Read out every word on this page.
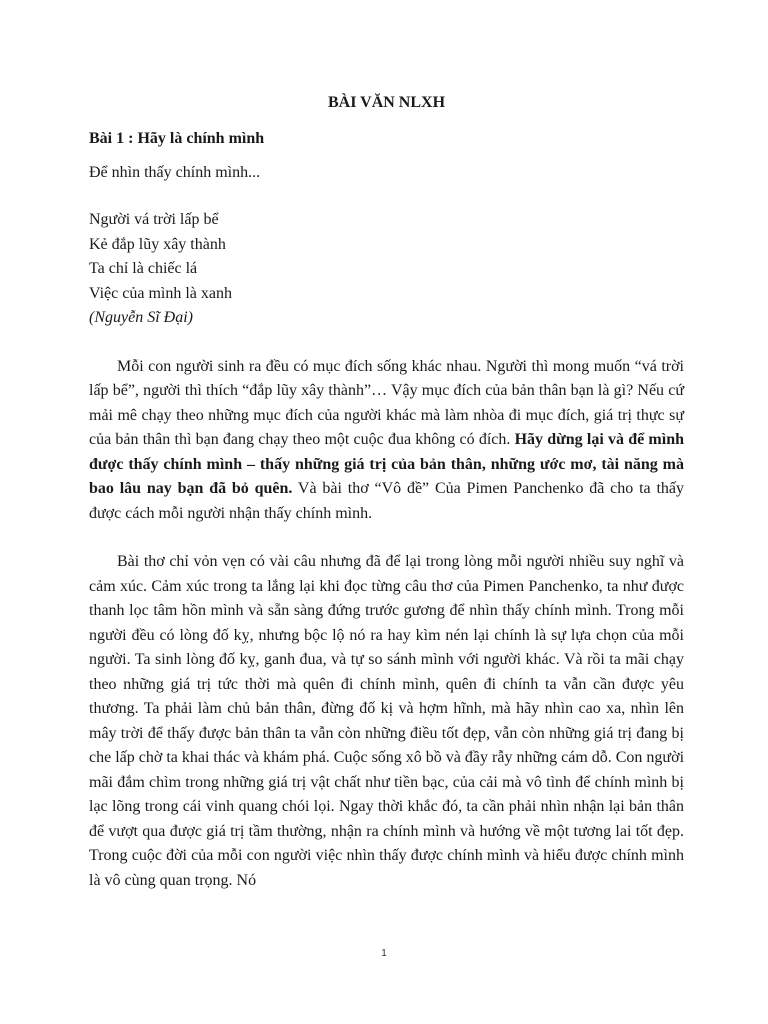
BÀI VĂN NLXH
Bài 1 : Hãy là chính mình
Để nhìn thấy chính mình...
Người vá trời lấp bể
Kẻ đắp lũy xây thành
Ta chỉ là chiếc lá
Việc của mình là xanh
(Nguyễn Sĩ Đại)

Mỗi con người sinh ra đều có mục đích sống khác nhau. Người thì mong muốn “vá trời lấp bể”, người thì thích “đắp lũy xây thành”… Vậy mục đích của bản thân bạn là gì? Nếu cứ mải mê chạy theo những mục đích của người khác mà làm nhòa đi mục đích, giá trị thực sự của bản thân thì bạn đang chạy theo một cuộc đua không có đích. Hãy dừng lại và để mình được thấy chính mình – thấy những giá trị của bản thân, những ước mơ, tài năng mà bao lâu nay bạn đã bỏ quên. Và bài thơ “Vô đề” Của Pimen Panchenko đã cho ta thấy được cách mỗi người nhận thấy chính mình.

Bài thơ chỉ vỏn vẹn có vài câu nhưng đã để lại trong lòng mỗi người nhiều suy nghĩ và cảm xúc. Cảm xúc trong ta lắng lại khi đọc từng câu thơ của Pimen Panchenko, ta như được thanh lọc tâm hồn mình và sẵn sàng đứng trước gương để nhìn thấy chính mình. Trong mỗi người đều có lòng đố kỵ, nhưng bộc lộ nó ra hay kìm nén lại chính là sự lựa chọn của mỗi người. Ta sinh lòng đố kỵ, ganh đua, và tự so sánh mình với người khác. Và rồi ta mãi chạy theo những giá trị tức thời mà quên đi chính mình, quên đi chính ta vẫn cần được yêu thương. Ta phải làm chủ bản thân, đừng đố kị và hợm hĩnh, mà hãy nhìn cao xa, nhìn lên mây trời để thấy được bản thân ta vẫn còn những điều tốt đẹp, vẫn còn những giá trị đang bị che lấp chờ ta khai thác và khám phá. Cuộc sống xô bồ và đầy rẫy những cám dỗ. Con người mãi đắm chìm trong những giá trị vật chất như tiền bạc, của cải mà vô tình để chính mình bị lạc lõng trong cái vinh quang chói lọi. Ngay thời khắc đó, ta cần phải nhìn nhận lại bản thân để vượt qua được giá trị tầm thường, nhận ra chính mình và hướng về một tương lai tốt đẹp. Trong cuộc đời của mỗi con người việc nhìn thấy được chính mình và hiểu được chính mình là vô cùng quan trọng. Nó

1
